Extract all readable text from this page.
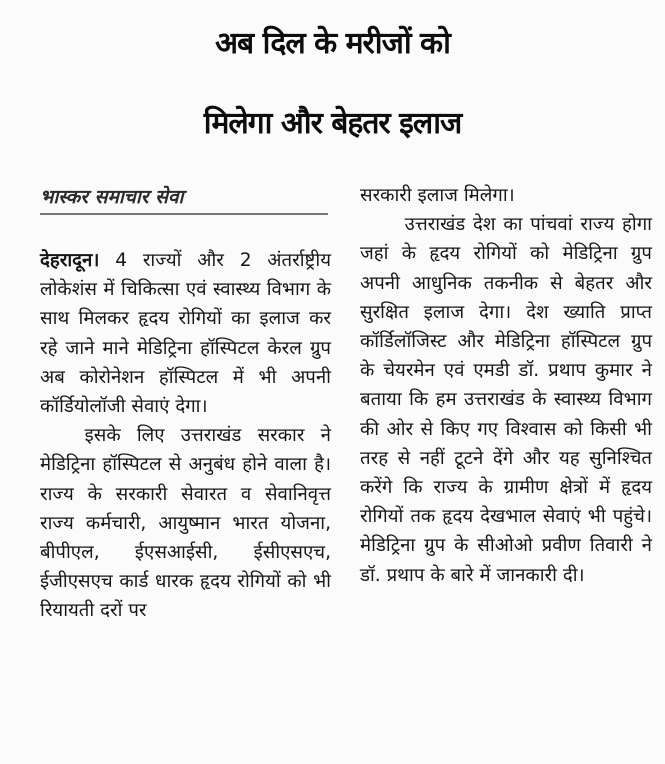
अब दिल के मरीजों को
मिलेगा और बेहतर इलाज
भास्कर समाचार सेवा

देहरादून। 4 राज्यों और 2 अंतर्राष्ट्रीय लोकेशंस में चिकित्सा एवं स्वास्थ्य विभाग के साथ मिलकर हृदय रोगियों का इलाज कर रहे जाने माने मेडिट्रिना हॉस्पिटल केरल ग्रुप अब कोरोनेशन हॉस्पिटल में भी अपनी कॉर्डियोलॉजी सेवाएं देगा।

इसके लिए उत्तराखंड सरकार ने मेडिट्रिना हॉस्पिटल से अनुबंध होने वाला है। राज्य के सरकारी सेवारत व सेवानिवृत्त राज्य कर्मचारी, आयुष्मान भारत योजना, बीपीएल, ईएसआईसी, ईसीएसएच, ईजीएसएच कार्ड धारक हृदय रोगियों को भी रियायती दरों पर

सरकारी इलाज मिलेगा।

उत्तराखंड देश का पांचवां राज्य होगा जहां के हृदय रोगियों को मेडिट्रिना ग्रुप अपनी आधुनिक तकनीक से बेहतर और सुरक्षित इलाज देगा। देश ख्याति प्राप्त कॉर्डिलॉजिस्ट और मेडिट्रिना हॉस्पिटल ग्रुप के चेयरमेन एवं एमडी डॉ. प्रथाप कुमार ने बताया कि हम उत्तराखंड के स्वास्थ्य विभाग की ओर से किए गए विश्वास को किसी भी तरह से नहीं टूटने देंगे और यह सुनिश्चित करेंगे कि राज्य के ग्रामीण क्षेत्रों में हृदय रोगियों तक हृदय देखभाल सेवाएं भी पहुंचे। मेडिट्रिना ग्रुप के सीओओ प्रवीण तिवारी ने डॉ. प्रथाप के बारे में जानकारी दी।
